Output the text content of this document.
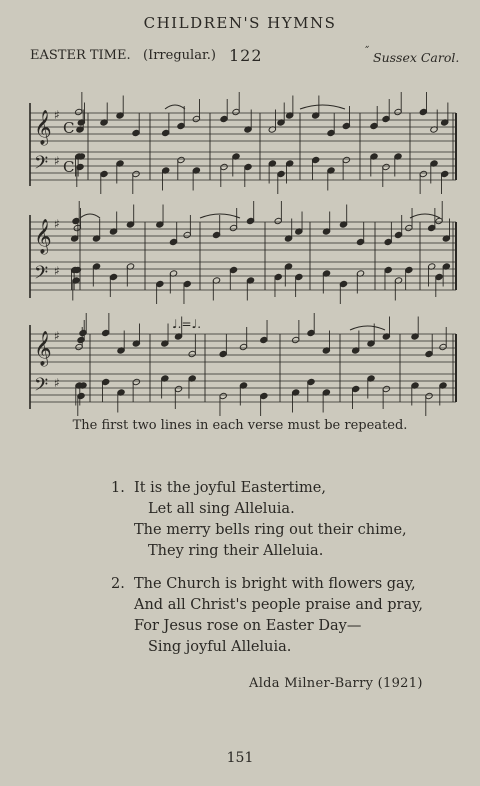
CHILDREN'S HYMNS
EASTER TIME. (Irregular.) 122	˝ Sussex Carol.
𝄞 ♯
C
𝄢 ♯ C
𝄞 ♯
𝄢 ♯
𝄞 ♯
𝄢 ♯
♩.=♩.
The first two lines in each verse must be repeated.
1. It is the joyful Eastertime,
Let all sing Alleluia.
The merry bells ring out their chime,
They ring their Alleluia.
2. The Church is bright with flowers gay,
And all Christ's people praise and pray,
For Jesus rose on Easter Day—
Sing joyful Alleluia.
Alda Milner-Barry (1921)
151
